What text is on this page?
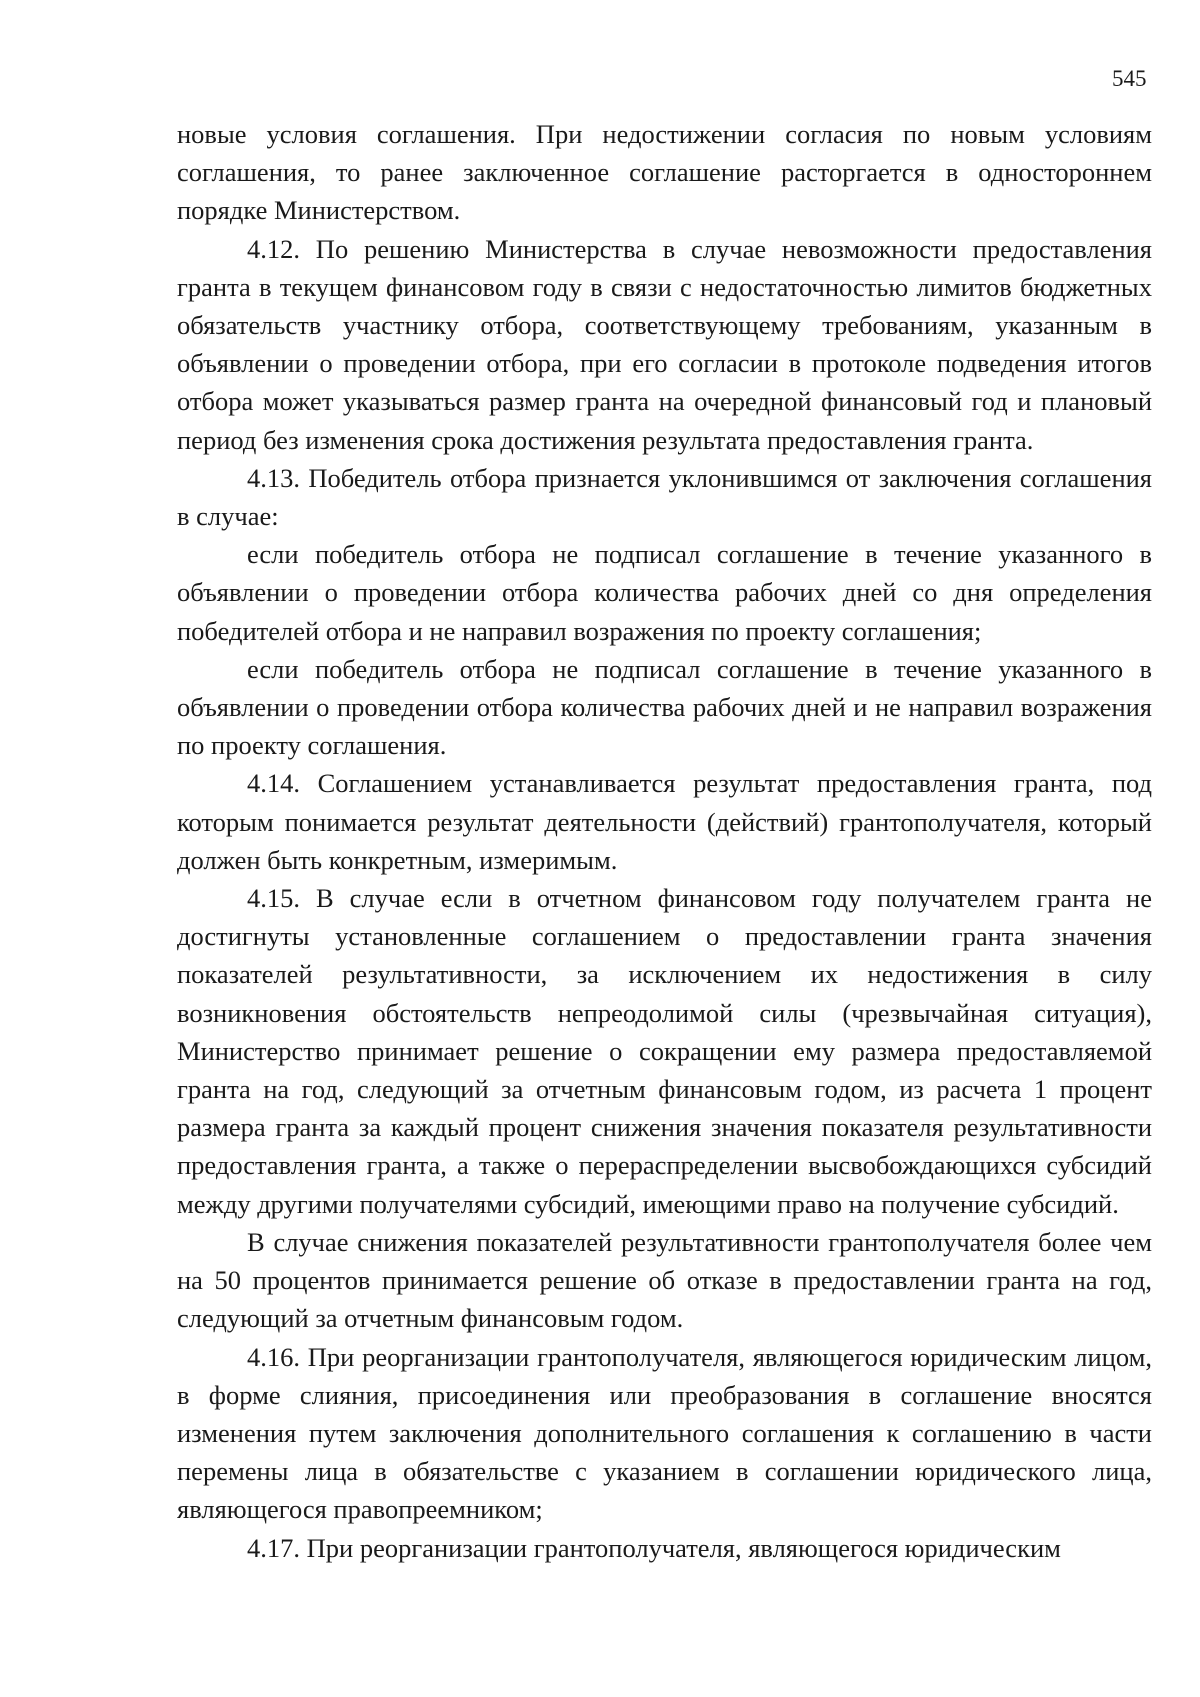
545

новые условия соглашения. При недостижении согласия по новым условиям соглашения, то ранее заключенное соглашение расторгается в одностороннем порядке Министерством.

4.12. По решению Министерства в случае невозможности предоставления гранта в текущем финансовом году в связи с недостаточностью лимитов бюджетных обязательств участнику отбора, соответствующему требованиям, указанным в объявлении о проведении отбора, при его согласии в протоколе подведения итогов отбора может указываться размер гранта на очередной финансовый год и плановый период без изменения срока достижения результата предоставления гранта.

4.13. Победитель отбора признается уклонившимся от заключения соглашения в случае:

если победитель отбора не подписал соглашение в течение указанного в объявлении о проведении отбора количества рабочих дней со дня определения победителей отбора и не направил возражения по проекту соглашения;

если победитель отбора не подписал соглашение в течение указанного в объявлении о проведении отбора количества рабочих дней и не направил возражения по проекту соглашения.

4.14. Соглашением устанавливается результат предоставления гранта, под которым понимается результат деятельности (действий) грантополучателя, который должен быть конкретным, измеримым.

4.15. В случае если в отчетном финансовом году получателем гранта не достигнуты установленные соглашением о предоставлении гранта значения показателей результативности, за исключением их недостижения в силу возникновения обстоятельств непреодолимой силы (чрезвычайная ситуация), Министерство принимает решение о сокращении ему размера предоставляемой гранта на год, следующий за отчетным финансовым годом, из расчета 1 процент размера гранта за каждый процент снижения значения показателя результативности предоставления гранта, а также о перераспределении высвобождающихся субсидий между другими получателями субсидий, имеющими право на получение субсидий.

В случае снижения показателей результативности грантополучателя более чем на 50 процентов принимается решение об отказе в предоставлении гранта на год, следующий за отчетным финансовым годом.

4.16. При реорганизации грантополучателя, являющегося юридическим лицом, в форме слияния, присоединения или преобразования в соглашение вносятся изменения путем заключения дополнительного соглашения к соглашению в части перемены лица в обязательстве с указанием в соглашении юридического лица, являющегося правопреемником;

4.17. При реорганизации грантополучателя, являющегося юридическим
